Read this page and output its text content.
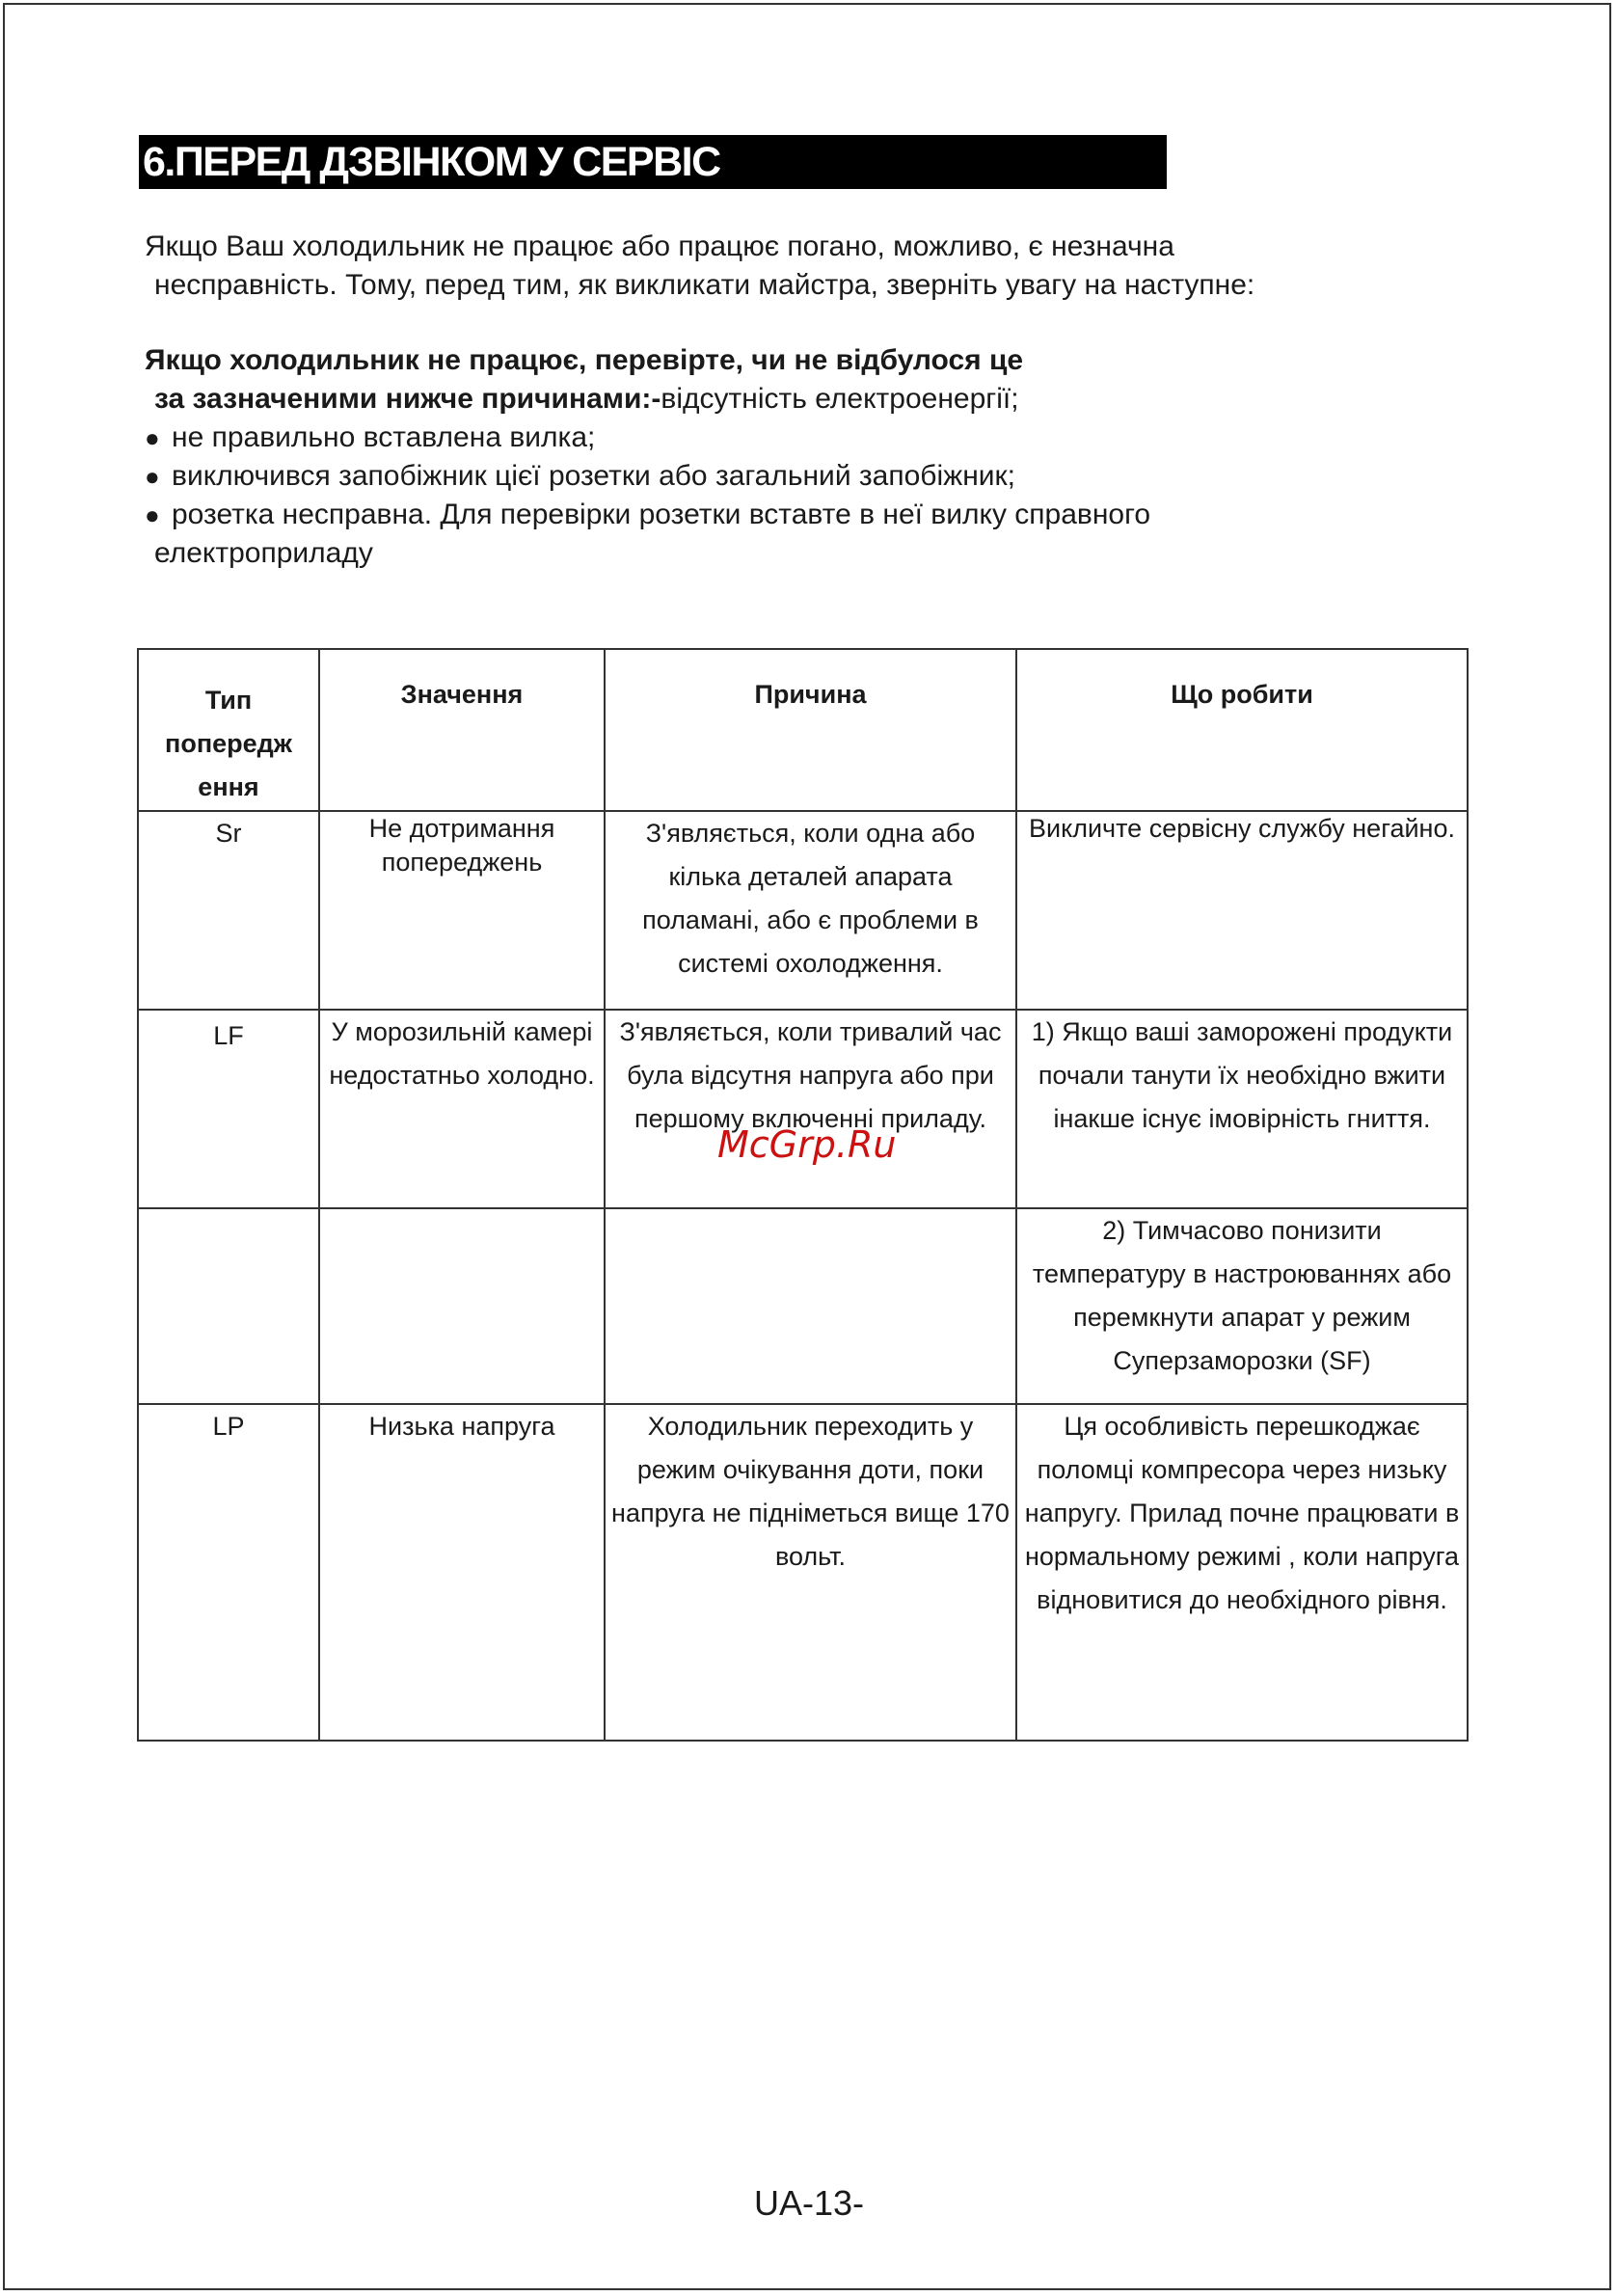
6.ПЕРЕД ДЗВІНКОМ У СЕРВІС

Якщо Ваш холодильник не працює або працює погано, можливо, є незначна

несправність. Тому, перед тим, як викликати майстра, зверніть увагу на наступне:

Якщо холодильник не працює, перевірте, чи не відбулося це

за зазначеними нижче причинами:-відсутність електроенергії;

● не правильно вставлена вилка;

● виключився запобіжник цієї розетки або загальний запобіжник;

● розетка несправна. Для перевірки розетки вставте в неї вилку справного

електроприладу

Тип попередж ення	Значення	Причина	Що робити
Sr	Не дотримання попереджень	З'являється, коли одна або кілька деталей апарата поламані, або є проблеми в системі охолодження.	Викличте сервісну службу негайно.
LF	У морозильній камері недостатньо холодно.	З'являється, коли тривалий час була відсутня напруга або при першому включенні приладу.	1) Якщо ваші заморожені продукти почали танути їх необхідно вжити інакше існує імовірність гниття.
			2) Тимчасово понизити температуру в настроюваннях або перемкнути апарат у режим Суперзаморозки (SF)
LP	Низька напруга	Холодильник переходить у режим очікування доти, поки напруга не підніметься вище 170 вольт.	Ця особливість перешкоджає поломці компресора через низьку напругу. Прилад почне працювати в нормальному режимі , коли напруга відновитися до необхідного рівня.
McGrp.Ru
UA-13-
